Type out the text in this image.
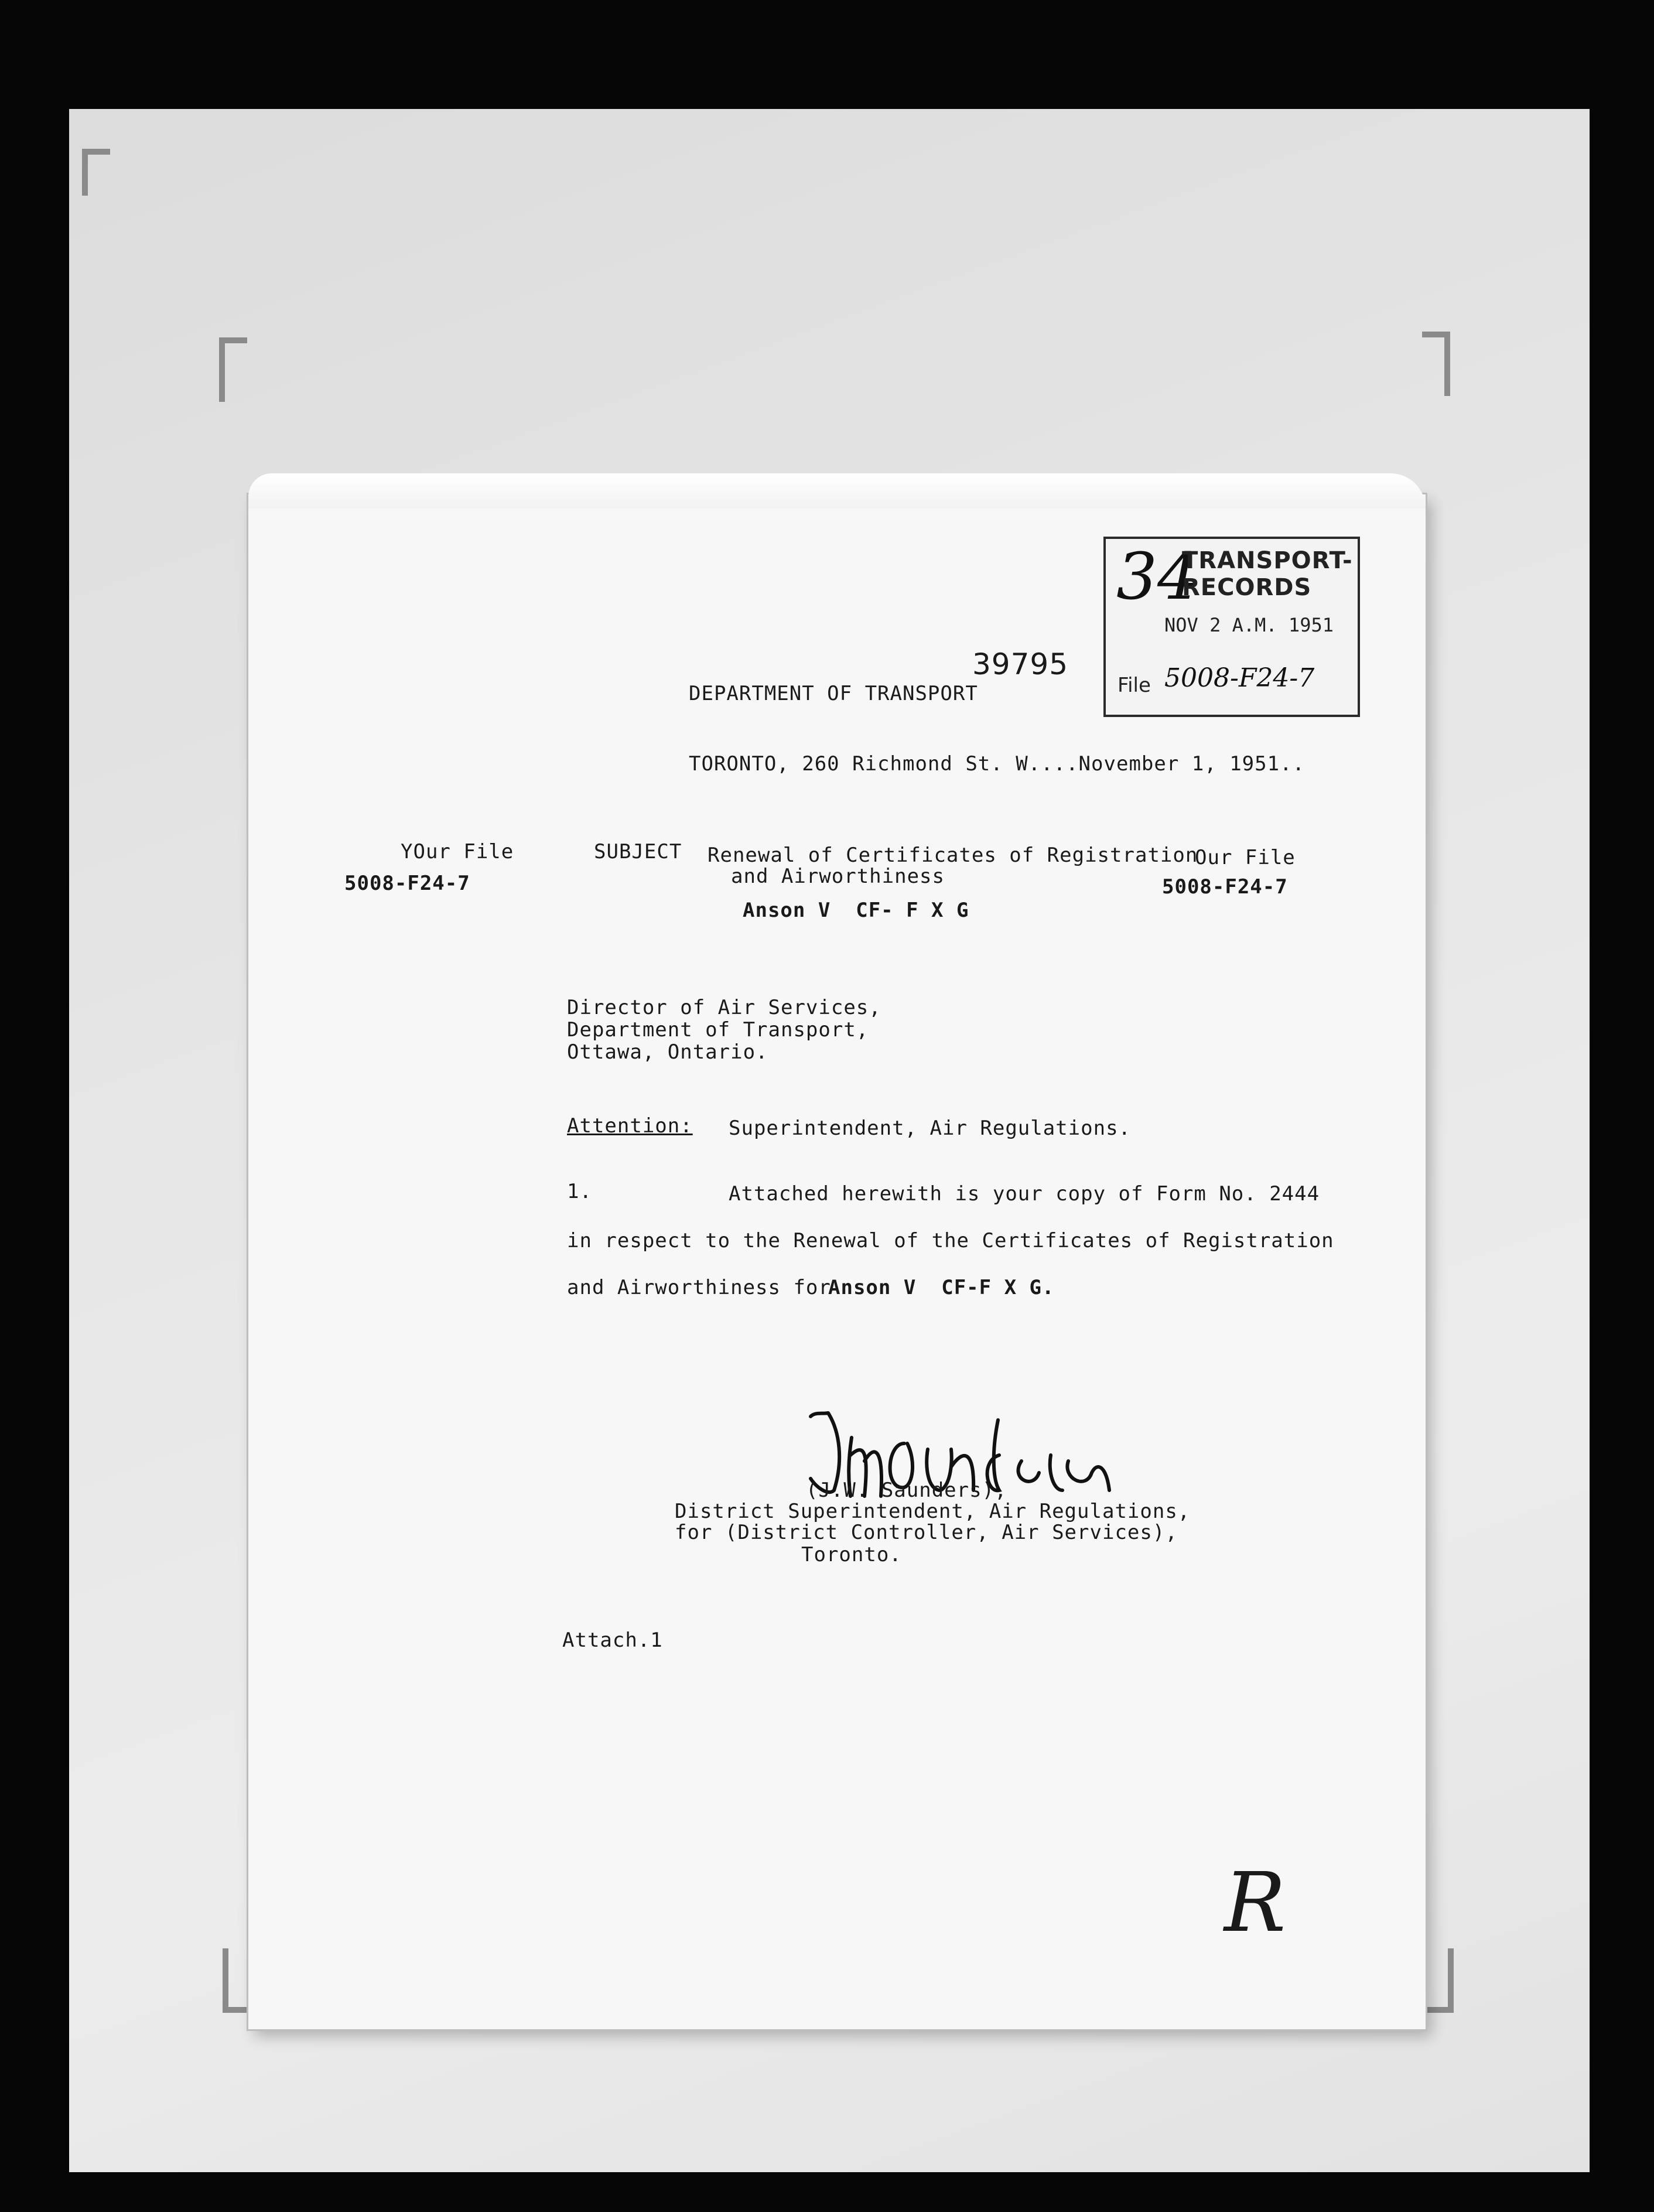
34
TRANSPORT-RECORDS
NOV 2 A.M. 1951
File 5008-F24-7
39795
DEPARTMENT OF TRANSPORT
TORONTO, 260 Richmond St. W....November 1, 1951..
YOur File
5008-F24-7
SUBJECT Renewal of Certificates of Registration
and Airworthiness
Anson V  CF- F X G
Our File
5008-F24-7
Director of Air Services,
Department of Transport,
Ottawa, Ontario.
Attention: Superintendent, Air Regulations.
1.	Attached herewith is your copy of Form No. 2444
in respect to the Renewal of the Certificates of Registration
and Airworthiness for
Anson V  CF-F X G.
(J.W. Saunders),
District Superintendent, Air Regulations,
for (District Controller, Air Services),
Toronto.
Attach.1
R
